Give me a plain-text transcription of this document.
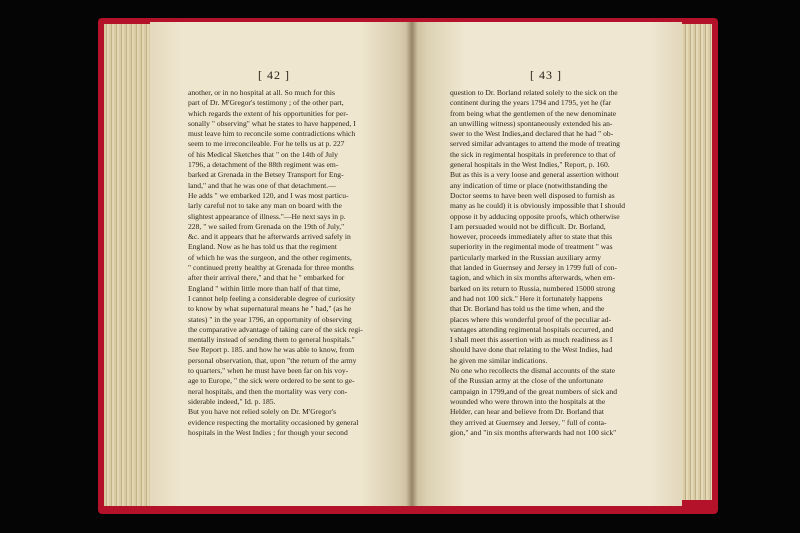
[ 42 ]
another, or in no hospital at all. So much for this
part of Dr. M'Gregor's testimony ; of the other part,
which regards the extent of his opportunities for per-
sonally " observing" what he states to have happened, I
must leave him to reconcile some contradictions which
seem to me irreconcileable. For he tells us at p. 227
of his Medical Sketches that " on the 14th of July
1796, a detachment of the 88th regiment was em-
barked at Grenada in the Betsey Transport for Eng-
land," and that he was one of that detachment.—
He adds " we embarked 120, and I was most particu-
larly careful not to take any man on board with the
slightest appearance of illness."—He next says in p.
228, " we sailed from Grenada on the 19th of July,"
&c. and it appears that he afterwards arrived safely in
England. Now as he has told us that the regiment
of which he was the surgeon, and the other regiments,
" continued pretty healthy at Grenada for three months
after their arrival there," and that he " embarked for
England " within little more than half of that time,
I cannot help feeling a considerable degree of curiosity
to know by what supernatural means he " had," (as he
states) " in the year 1796, an opportunity of observing
the comparative advantage of taking care of the sick regi-
mentally instead of sending them to general hospitals."
See Report p. 185. and how he was able to know, from
personal observation, that, upon "the return of the army
to quarters," when he must have been far on his voy-
age to Europe, " the sick were ordered to be sent to ge-
neral hospitals, and then the mortality was very con-
siderable indeed," Id. p. 185.
But you have not relied solely on Dr. M'Gregor's
evidence respecting the mortality occasioned by general
hospitals in the West Indies ; for though your second
[ 43 ]
question to Dr. Borland related solely to the sick on the
continent during the years 1794 and 1795, yet he (far
from being what the gentlemen of the new denominate
an unwilling witness) spontaneously extended his an-
swer to the West Indies,and declared that he had " ob-
served similar advantages to attend the mode of treating
the sick in regimental hospitals in preference to that of
general hospitals in the West Indies," Report, p. 160.
But as this is a very loose and general assertion without
any indication of time or place (notwithstanding the
Doctor seems to have been well disposed to furnish as
many as he could) it is obviously impossible that I should
oppose it by adducing opposite proofs, which otherwise
I am persuaded would not be difficult. Dr. Borland,
however, proceeds immediately after to state that this
superiority in the regimental mode of treatment " was
particularly marked in the Russian auxiliary army
that landed in Guernsey and Jersey in 1799 full of con-
tagion, and which in six months afterwards, when em-
barked on its return to Russia, numbered 15000 strong
and had not 100 sick." Here it fortunately happens
that Dr. Borland has told us the time when, and the
places where this wonderful proof of the peculiar ad-
vantages attending regimental hospitals occurred, and
I shall meet this assertion with as much readiness as I
should have done that relating to the West Indies, had
he given me similar indications.
No one who recollects the dismal accounts of the state
of the Russian army at the close of the unfortunate
campaign in 1799,and of the great numbers of sick and
wounded who were thrown into the hospitals at the
Helder, can hear and believe from Dr. Borland that
they arrived at Guernsey and Jersey, " full of conta-
gion," and "in six months afterwards had not 100 sick"
